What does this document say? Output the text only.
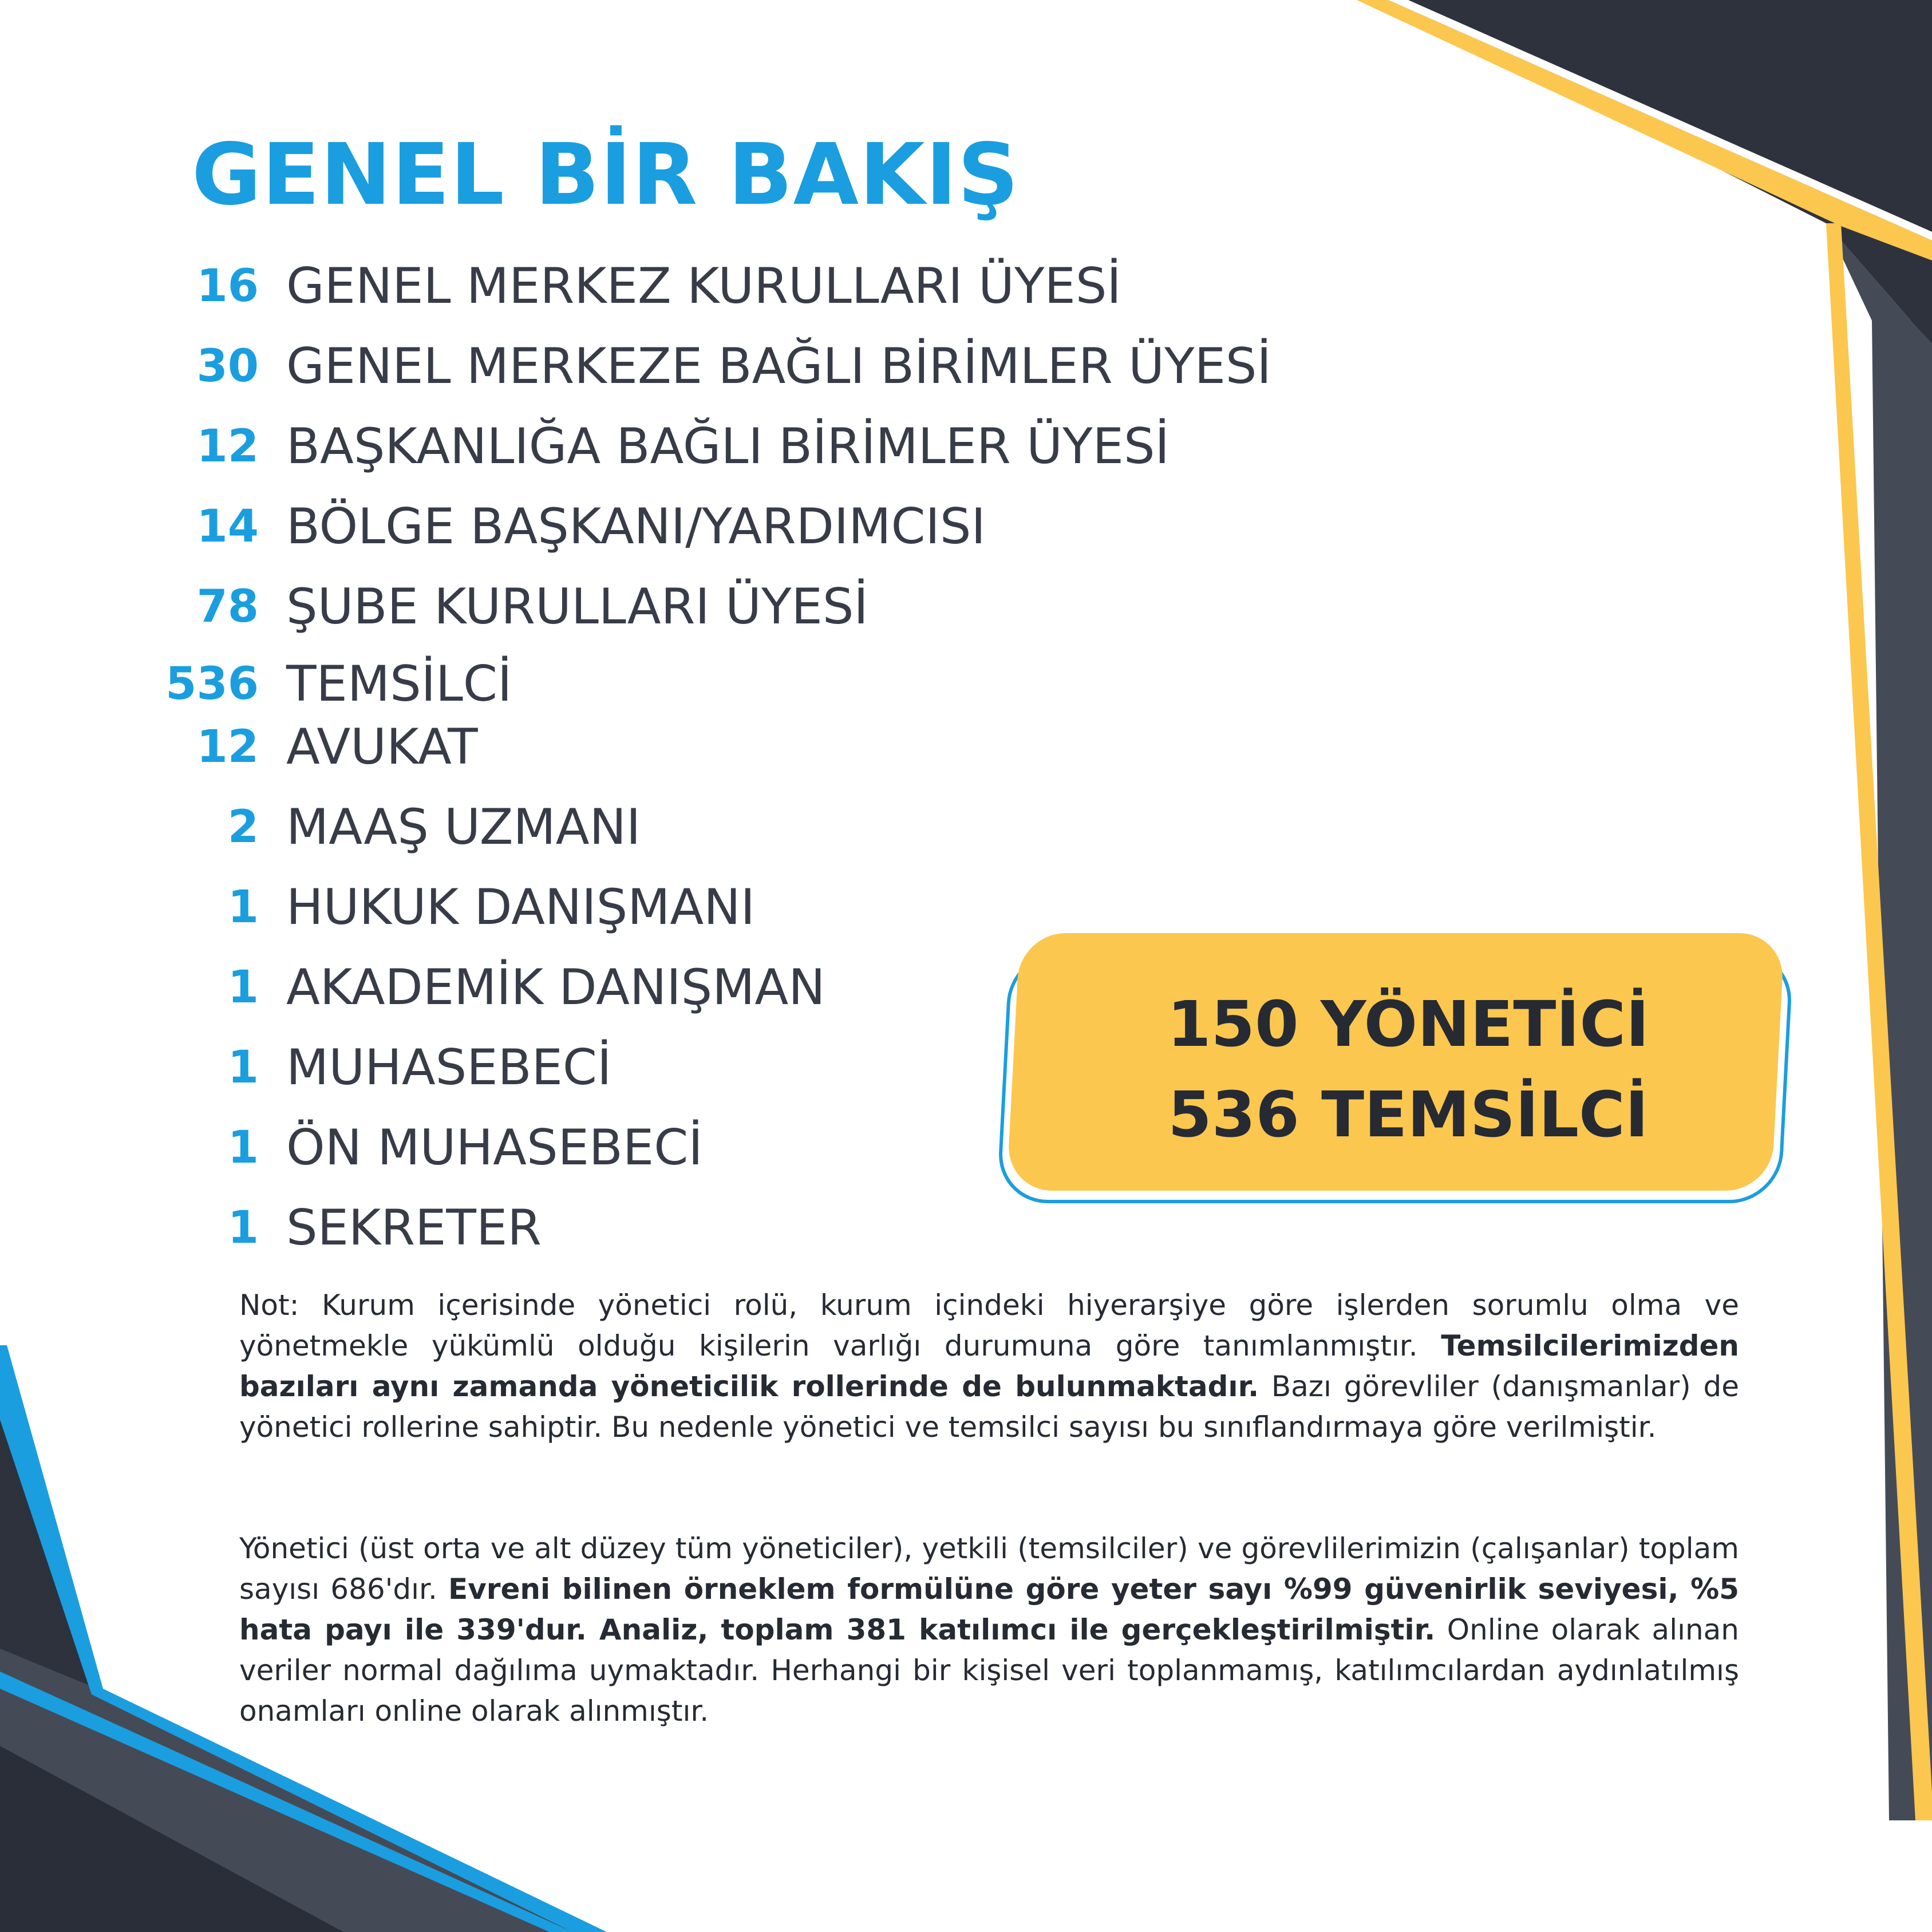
GENEL BİR BAKIŞ
16 GENEL MERKEZ KURULLARI ÜYESİ
30 GENEL MERKEZE BAĞLI BİRİMLER ÜYESİ
12 BAŞKANLIĞA BAĞLI BİRİMLER ÜYESİ
14 BÖLGE BAŞKANI/YARDIMCISI
78 ŞUBE KURULLARI ÜYESİ
536 TEMSİLCİ
12 AVUKAT
2 MAAŞ UZMANI
1 HUKUK DANIŞMANI
1 AKADEMİK DANIŞMAN
1 MUHASEBECİ
1 ÖN MUHASEBECİ
1 SEKRETER
150 YÖNETİCİ
536 TEMSİLCİ

Not: Kurum içerisinde yönetici rolü, kurum içindeki hiyerarşiye göre işlerden sorumlu olma ve yönetmekle yükümlü olduğu kişilerin varlığı durumuna göre tanımlanmıştır. Temsilcilerimizden bazıları aynı zamanda yöneticilik rollerinde de bulunmaktadır. Bazı görevliler (danışmanlar) de yönetici rollerine sahiptir. Bu nedenle yönetici ve temsilci sayısı bu sınıflandırmaya göre verilmiştir.

Yönetici (üst orta ve alt düzey tüm yöneticiler), yetkili (temsilciler) ve görevlilerimizin (çalışanlar) toplam sayısı 686'dır. Evreni bilinen örneklem formülüne göre yeter sayı %99 güvenirlik seviyesi, %5 hata payı ile 339'dur. Analiz, toplam 381 katılımcı ile gerçekleştirilmiştir. Online olarak alınan veriler normal dağılıma uymaktadır. Herhangi bir kişisel veri toplanmamış, katılımcılardan aydınlatılmış onamları online olarak alınmıştır.
